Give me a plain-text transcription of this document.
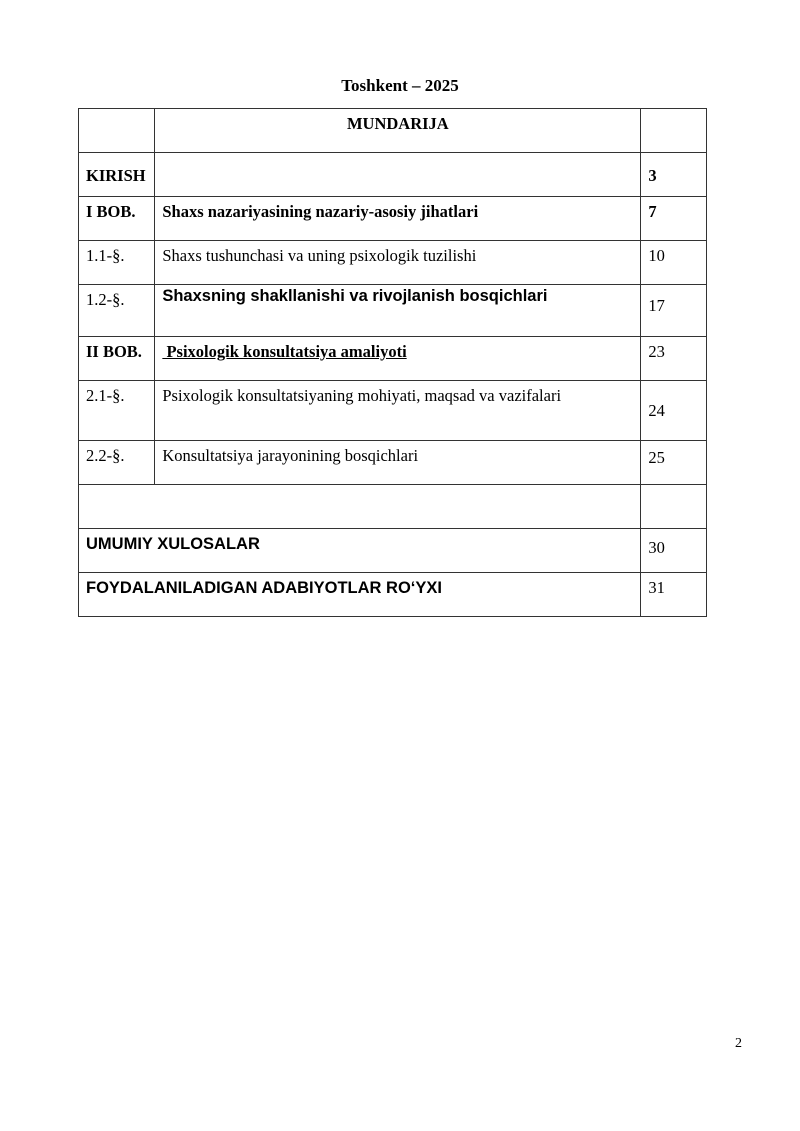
Toshkent – 2025
	MUNDARIJA	
KIRISH		3
I BOB.	Shaxs nazariyasining nazariy-asosiy jihatlari	7
1.1-§.	Shaxs tushunchasi va uning psixologik tuzilishi	10
1.2-§.	Shaxsning shakllanishi va rivojlanish bosqichlari	17
II BOB.	Psixologik konsultatsiya amaliyoti	23
2.1-§.	Psixologik konsultatsiyaning mohiyati, maqsad va vazifalari	24
2.2-§.	Konsultatsiya jarayonining bosqichlari	25

UMUMIY XULOSALAR		30
FOYDALANILADIGAN ADABIYOTLAR RO‘YXI		31
2
